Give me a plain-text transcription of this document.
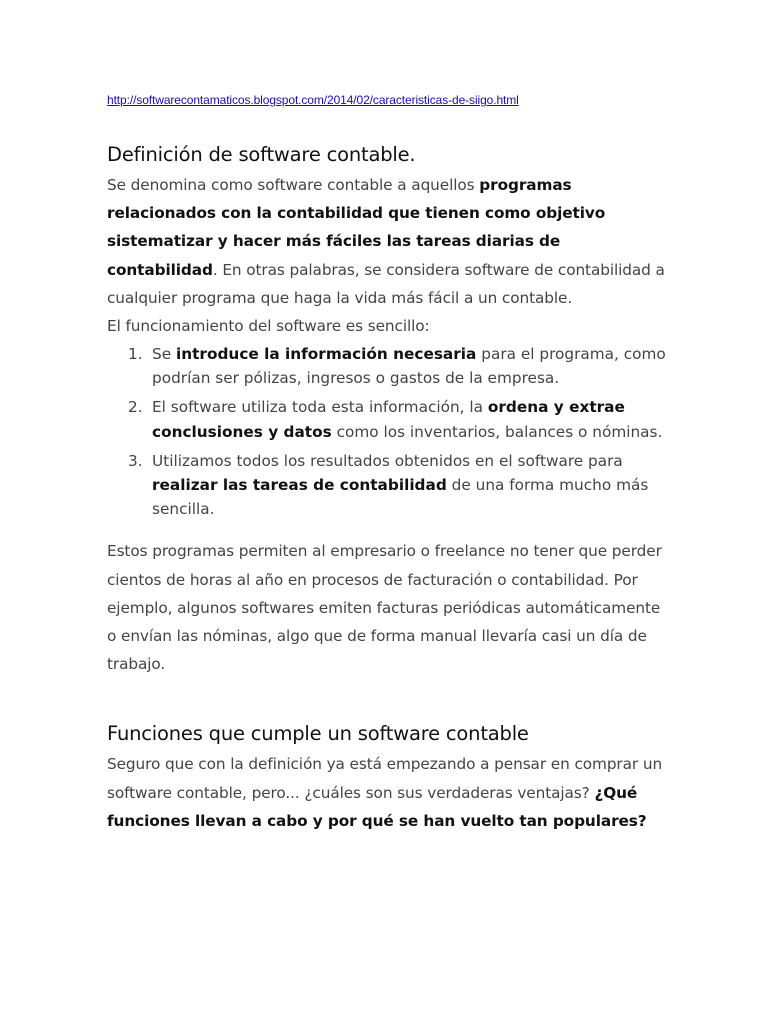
http://softwarecontamaticos.blogspot.com/2014/02/caracteristicas-de-siigo.html
Definición de software contable.

Se denomina como software contable a aquellos programas relacionados con la contabilidad que tienen como objetivo sistematizar y hacer más fáciles las tareas diarias de contabilidad. En otras palabras, se considera software de contabilidad a cualquier programa que haga la vida más fácil a un contable.

El funcionamiento del software es sencillo:

1. Se introduce la información necesaria para el programa, como podrían ser pólizas, ingresos o gastos de la empresa.
2. El software utiliza toda esta información, la ordena y extrae conclusiones y datos como los inventarios, balances o nóminas.
3. Utilizamos todos los resultados obtenidos en el software para realizar las tareas de contabilidad de una forma mucho más sencilla.

Estos programas permiten al empresario o freelance no tener que perder cientos de horas al año en procesos de facturación o contabilidad. Por ejemplo, algunos softwares emiten facturas periódicas automáticamente o envían las nóminas, algo que de forma manual llevaría casi un día de trabajo.

Funciones que cumple un software contable

Seguro que con la definición ya está empezando a pensar en comprar un software contable, pero... ¿cuáles son sus verdaderas ventajas? ¿Qué funciones llevan a cabo y por qué se han vuelto tan populares?
